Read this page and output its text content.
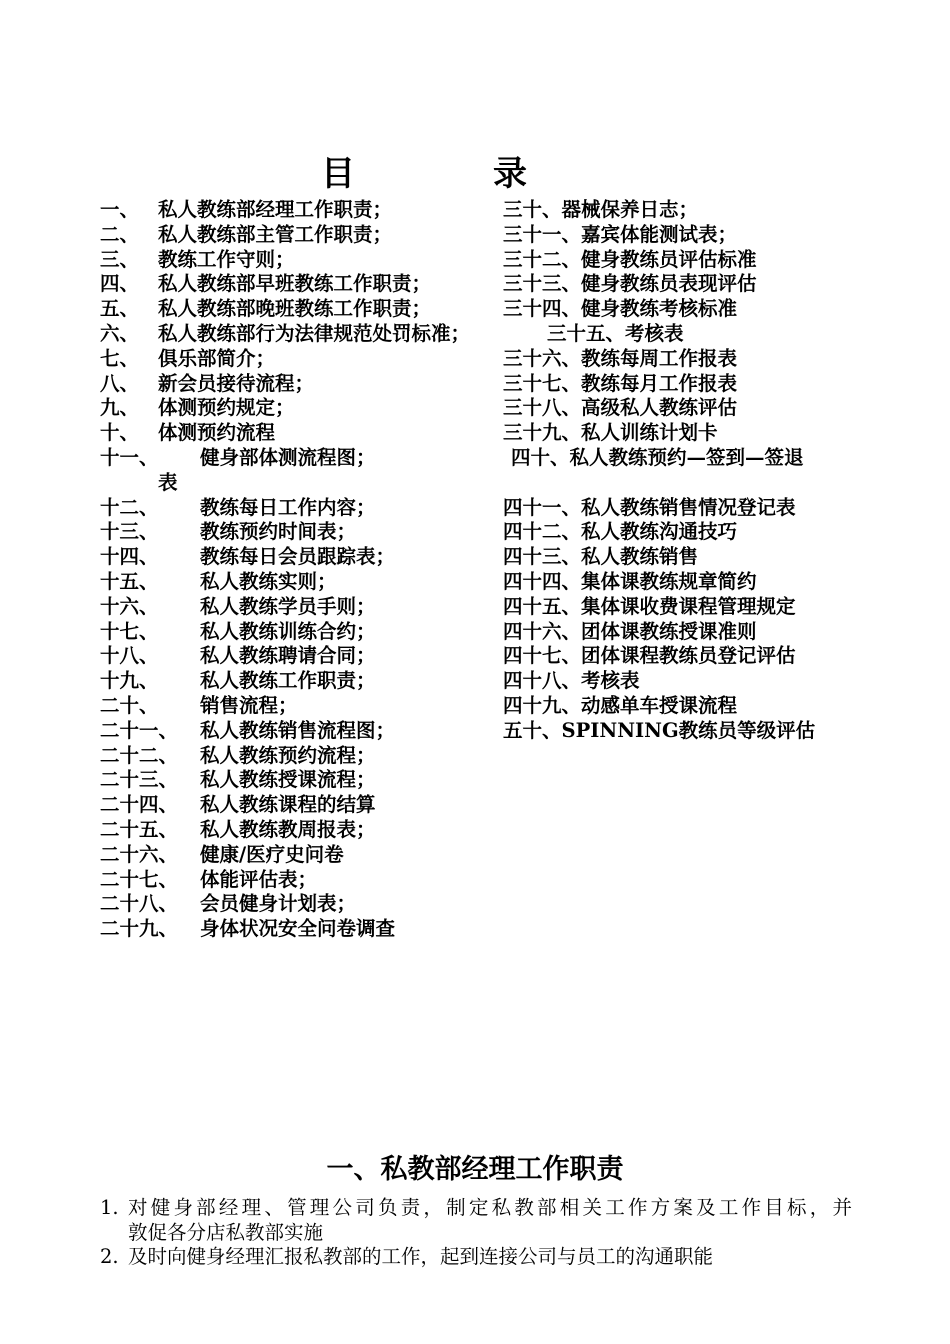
目　录
一、 私人教练部经理工作职责；
二、 私人教练部主管工作职责；
三、 教练工作守则；
四、 私人教练部早班教练工作职责；
五、 私人教练部晚班教练工作职责；
六、 私人教练部行为法律规范处罚标准；
七、 俱乐部简介；
八、 新会员接待流程；
九、 体测预约规定；
十、 体测预约流程
十一、 健身部体测流程图；
表
十二、 教练每日工作内容；
十三、 教练预约时间表；
十四、 教练每日会员跟踪表；
十五、 私人教练实则；
十六、 私人教练学员手则；
十七、 私人教练训练合约；
十八、 私人教练聘请合同；
十九、 私人教练工作职责；
二十、 销售流程；
二十一、 私人教练销售流程图；
二十二、 私人教练预约流程；
二十三、 私人教练授课流程；
二十四、 私人教练课程的结算
二十五、 私人教练教周报表；
二十六、 健康/医疗史问卷
二十七、 体能评估表；
二十八、 会员健身计划表；
二十九、 身体状况安全问卷调查
三十、器械保养日志；
三十一、嘉宾体能测试表；
三十二、健身教练员评估标准
三十三、健身教练员表现评估
三十四、健身教练考核标准
三十五、考核表
三十六、教练每周工作报表
三十七、教练每月工作报表
三十八、高级私人教练评估
三十九、私人训练计划卡
四十、私人教练预约—签到—签退
四十一、私人教练销售情况登记表
四十二、私人教练沟通技巧
四十三、私人教练销售
四十四、集体课教练规章简约
四十五、集体课收费课程管理规定
四十六、团体课教练授课准则
四十七、团体课程教练员登记评估
四十八、考核表
四十九、动感单车授课流程
五十、SPINNING教练员等级评估
一、私教部经理工作职责
1. 对健身部经理、管理公司负责，制定私教部相关工作方案及工作目标，并
敦促各分店私教部实施
2. 及时向健身经理汇报私教部的工作，起到连接公司与员工的沟通职能
